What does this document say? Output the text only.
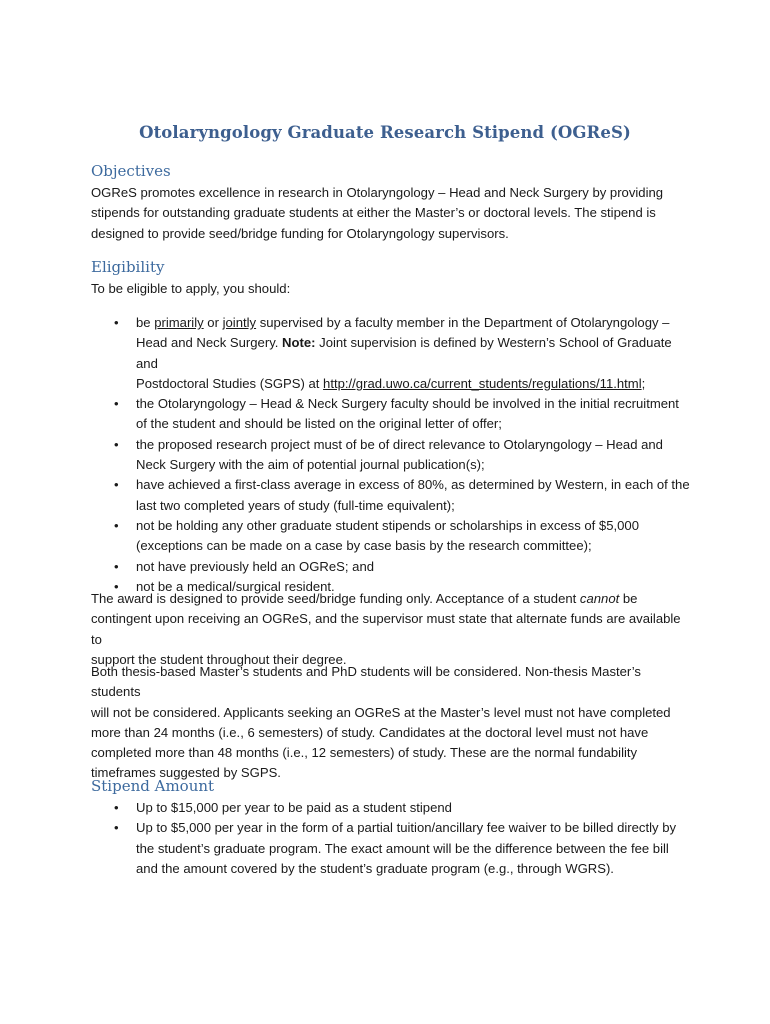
Otolaryngology Graduate Research Stipend (OGReS)
Objectives
OGReS promotes excellence in research in Otolaryngology – Head and Neck Surgery by providing
stipends for outstanding graduate students at either the Master’s or doctoral levels. The stipend is
designed to provide seed/bridge funding for Otolaryngology supervisors.
Eligibility
To be eligible to apply, you should:
• be primarily or jointly supervised by a faculty member in the Department of Otolaryngology –
Head and Neck Surgery. Note: Joint supervision is defined by Western’s School of Graduate and
Postdoctoral Studies (SGPS) at http://grad.uwo.ca/current_students/regulations/11.html;
• the Otolaryngology – Head & Neck Surgery faculty should be involved in the initial recruitment
of the student and should be listed on the original letter of offer;
• the proposed research project must of be of direct relevance to Otolaryngology – Head and
Neck Surgery with the aim of potential journal publication(s);
• have achieved a first-class average in excess of 80%, as determined by Western, in each of the
last two completed years of study (full-time equivalent);
• not be holding any other graduate student stipends or scholarships in excess of $5,000
(exceptions can be made on a case by case basis by the research committee);
• not have previously held an OGReS; and
• not be a medical/surgical resident.
The award is designed to provide seed/bridge funding only. Acceptance of a student cannot be
contingent upon receiving an OGReS, and the supervisor must state that alternate funds are available to
support the student throughout their degree.
Both thesis-based Master’s students and PhD students will be considered. Non-thesis Master’s students
will not be considered. Applicants seeking an OGReS at the Master’s level must not have completed
more than 24 months (i.e., 6 semesters) of study. Candidates at the doctoral level must not have
completed more than 48 months (i.e., 12 semesters) of study. These are the normal fundability
timeframes suggested by SGPS.
Stipend Amount
• Up to $15,000 per year to be paid as a student stipend
• Up to $5,000 per year in the form of a partial tuition/ancillary fee waiver to be billed directly by
the student’s graduate program. The exact amount will be the difference between the fee bill
and the amount covered by the student’s graduate program (e.g., through WGRS).
